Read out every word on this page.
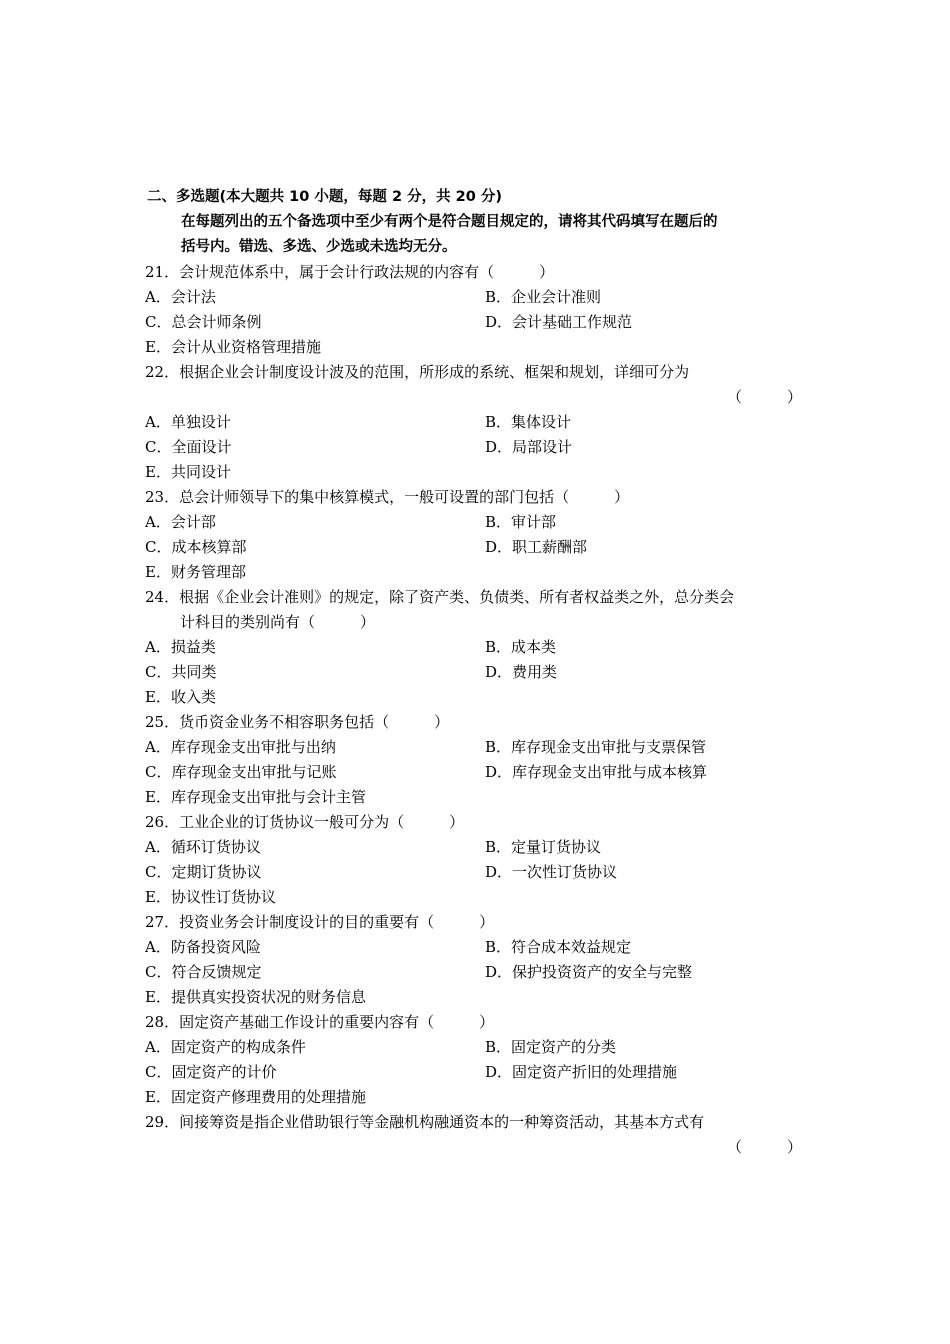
二、多选题(本大题共 10 小题，每题 2 分，共 20 分)
在每题列出的五个备选项中至少有两个是符合题目规定的，请将其代码填写在题后的
括号内。错选、多选、少选或未选均无分。
21．会计规范体系中，属于会计行政法规的内容有（　　　）
A．会计法	B．企业会计准则
C．总会计师条例	D．会计基础工作规范
E．会计从业资格管理措施
22．根据企业会计制度设计波及的范围，所形成的系统、框架和规划，详细可分为
（　　　）
A．单独设计	B．集体设计
C．全面设计	D．局部设计
E．共同设计
23．总会计师领导下的集中核算模式，一般可设置的部门包括（　　　）
A．会计部	B．审计部
C．成本核算部	D．职工薪酬部
E．财务管理部
24．根据《企业会计准则》的规定，除了资产类、负债类、所有者权益类之外，总分类会
计科目的类别尚有（　　　）
A．损益类	B．成本类
C．共同类	D．费用类
E．收入类
25．货币资金业务不相容职务包括（　　　）
A．库存现金支出审批与出纳	B．库存现金支出审批与支票保管
C．库存现金支出审批与记账	D．库存现金支出审批与成本核算
E．库存现金支出审批与会计主管
26．工业企业的订货协议一般可分为（　　　）
A．循环订货协议	B．定量订货协议
C．定期订货协议	D．一次性订货协议
E．协议性订货协议
27．投资业务会计制度设计的目的重要有（　　　）
A．防备投资风险	B．符合成本效益规定
C．符合反馈规定	D．保护投资资产的安全与完整
E．提供真实投资状况的财务信息
28．固定资产基础工作设计的重要内容有（　　　）
A．固定资产的构成条件	B．固定资产的分类
C．固定资产的计价	D．固定资产折旧的处理措施
E．固定资产修理费用的处理措施
29．间接筹资是指企业借助银行等金融机构融通资本的一种筹资活动，其基本方式有
（　　　）
